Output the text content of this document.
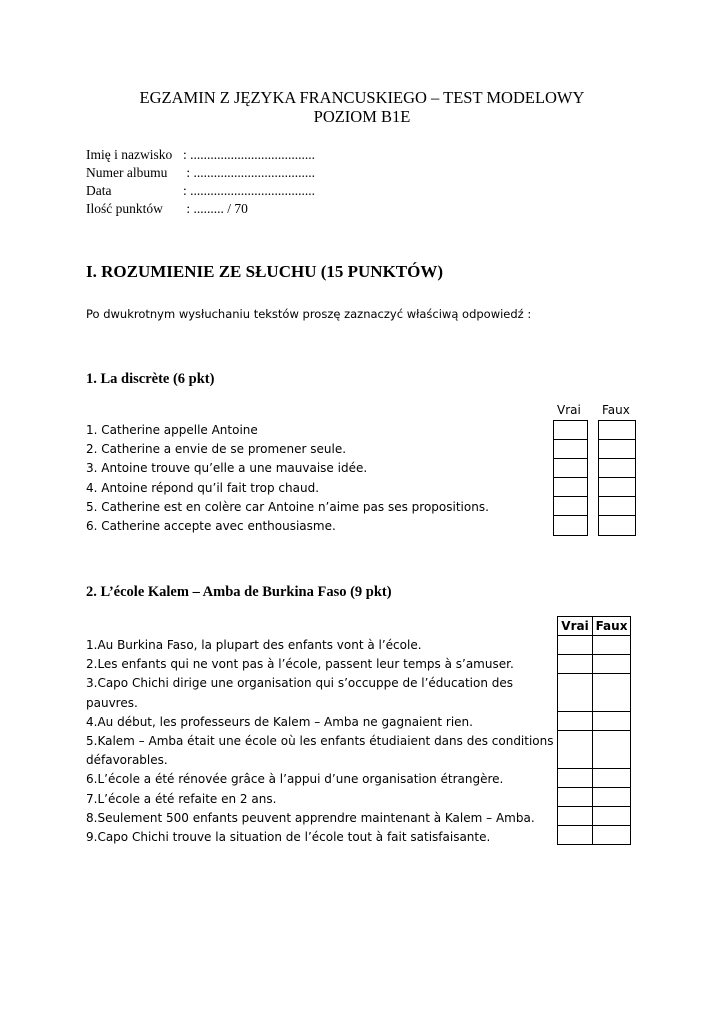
EGZAMIN Z JĘZYKA FRANCUSKIEGO – TEST MODELOWY
POZIOM B1E
Imię i nazwisko : .....................................
Numer albumu : ....................................
Data	: .....................................
Ilość punktów : ......... / 70
I. ROZUMIENIE ZE SŁUCHU (15 PUNKTÓW)
Po dwukrotnym wysłuchaniu tekstów proszę zaznaczyć właściwą odpowiedź :
1. La discrète (6 pkt)
Vrai Faux
1. Catherine appelle Antoine
2. Catherine a envie de se promener seule.
3. Antoine trouve qu’elle a une mauvaise idée.
4. Antoine répond qu’il fait trop chaud.
5. Catherine est en colère car Antoine n’aime pas ses propositions.
6. Catherine accepte avec enthousiasme.
2. L’école Kalem – Amba de Burkina Faso (9 pkt)
1.Au Burkina Faso, la plupart des enfants vont à l’école.
2.Les enfants qui ne vont pas à l’école, passent leur temps à s’amuser.
3.Capo Chichi dirige une organisation qui s’occuppe de l’éducation des pauvres.
4.Au début, les professeurs de Kalem – Amba ne gagnaient rien.
5.Kalem – Amba était une école où les enfants étudiaient dans des conditions défavorables.
6.L’école a été rénovée grâce à l’appui d’une organisation étrangère.
7.L’école a été refaite en 2 ans.
8.Seulement 500 enfants peuvent apprendre maintenant à Kalem – Amba.
9.Capo Chichi trouve la situation de l’école tout à fait satisfaisante.
Vrai	Faux
